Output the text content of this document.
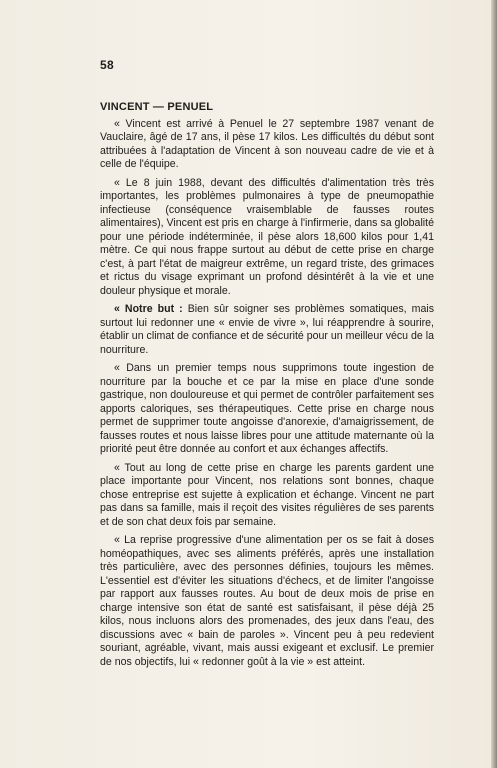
58
VINCENT — PENUEL

« Vincent est arrivé à Penuel le 27 septembre 1987 venant de Vauclaire, âgé de 17 ans, il pèse 17 kilos. Les difficultés du début sont attribuées à l'adaptation de Vincent à son nouveau cadre de vie et à celle de l'équipe.

« Le 8 juin 1988, devant des difficultés d'alimentation très très importantes, les problèmes pulmonaires à type de pneumopathie infectieuse (conséquence vraisemblable de fausses routes alimentaires), Vincent est pris en charge à l'infirmerie, dans sa globalité pour une période indéterminée, il pèse alors 18,600 kilos pour 1,41 mètre. Ce qui nous frappe surtout au début de cette prise en charge c'est, à part l'état de maigreur extrême, un regard triste, des grimaces et rictus du visage exprimant un profond désintérêt à la vie et une douleur physique et morale.

« Notre but : Bien sûr soigner ses problèmes somatiques, mais surtout lui redonner une « envie de vivre », lui réapprendre à sourire, établir un climat de confiance et de sécurité pour un meilleur vécu de la nourriture.

« Dans un premier temps nous supprimons toute ingestion de nourriture par la bouche et ce par la mise en place d'une sonde gastrique, non douloureuse et qui permet de contrôler parfaitement ses apports caloriques, ses thérapeutiques. Cette prise en charge nous permet de supprimer toute angoisse d'anorexie, d'amaigrissement, de fausses routes et nous laisse libres pour une attitude maternante où la priorité peut être donnée au confort et aux échanges affectifs.

« Tout au long de cette prise en charge les parents gardent une place importante pour Vincent, nos relations sont bonnes, chaque chose entreprise est sujette à explication et échange. Vincent ne part pas dans sa famille, mais il reçoit des visites régulières de ses parents et de son chat deux fois par semaine.

« La reprise progressive d'une alimentation per os se fait à doses homéopathiques, avec ses aliments préférés, après une installation très particulière, avec des personnes définies, toujours les mêmes. L'essentiel est d'éviter les situations d'échecs, et de limiter l'angoisse par rapport aux fausses routes. Au bout de deux mois de prise en charge intensive son état de santé est satisfaisant, il pèse déjà 25 kilos, nous incluons alors des promenades, des jeux dans l'eau, des discussions avec « bain de paroles ». Vincent peu à peu redevient souriant, agréable, vivant, mais aussi exigeant et exclusif. Le premier de nos objectifs, lui « redonner goût à la vie » est atteint.
